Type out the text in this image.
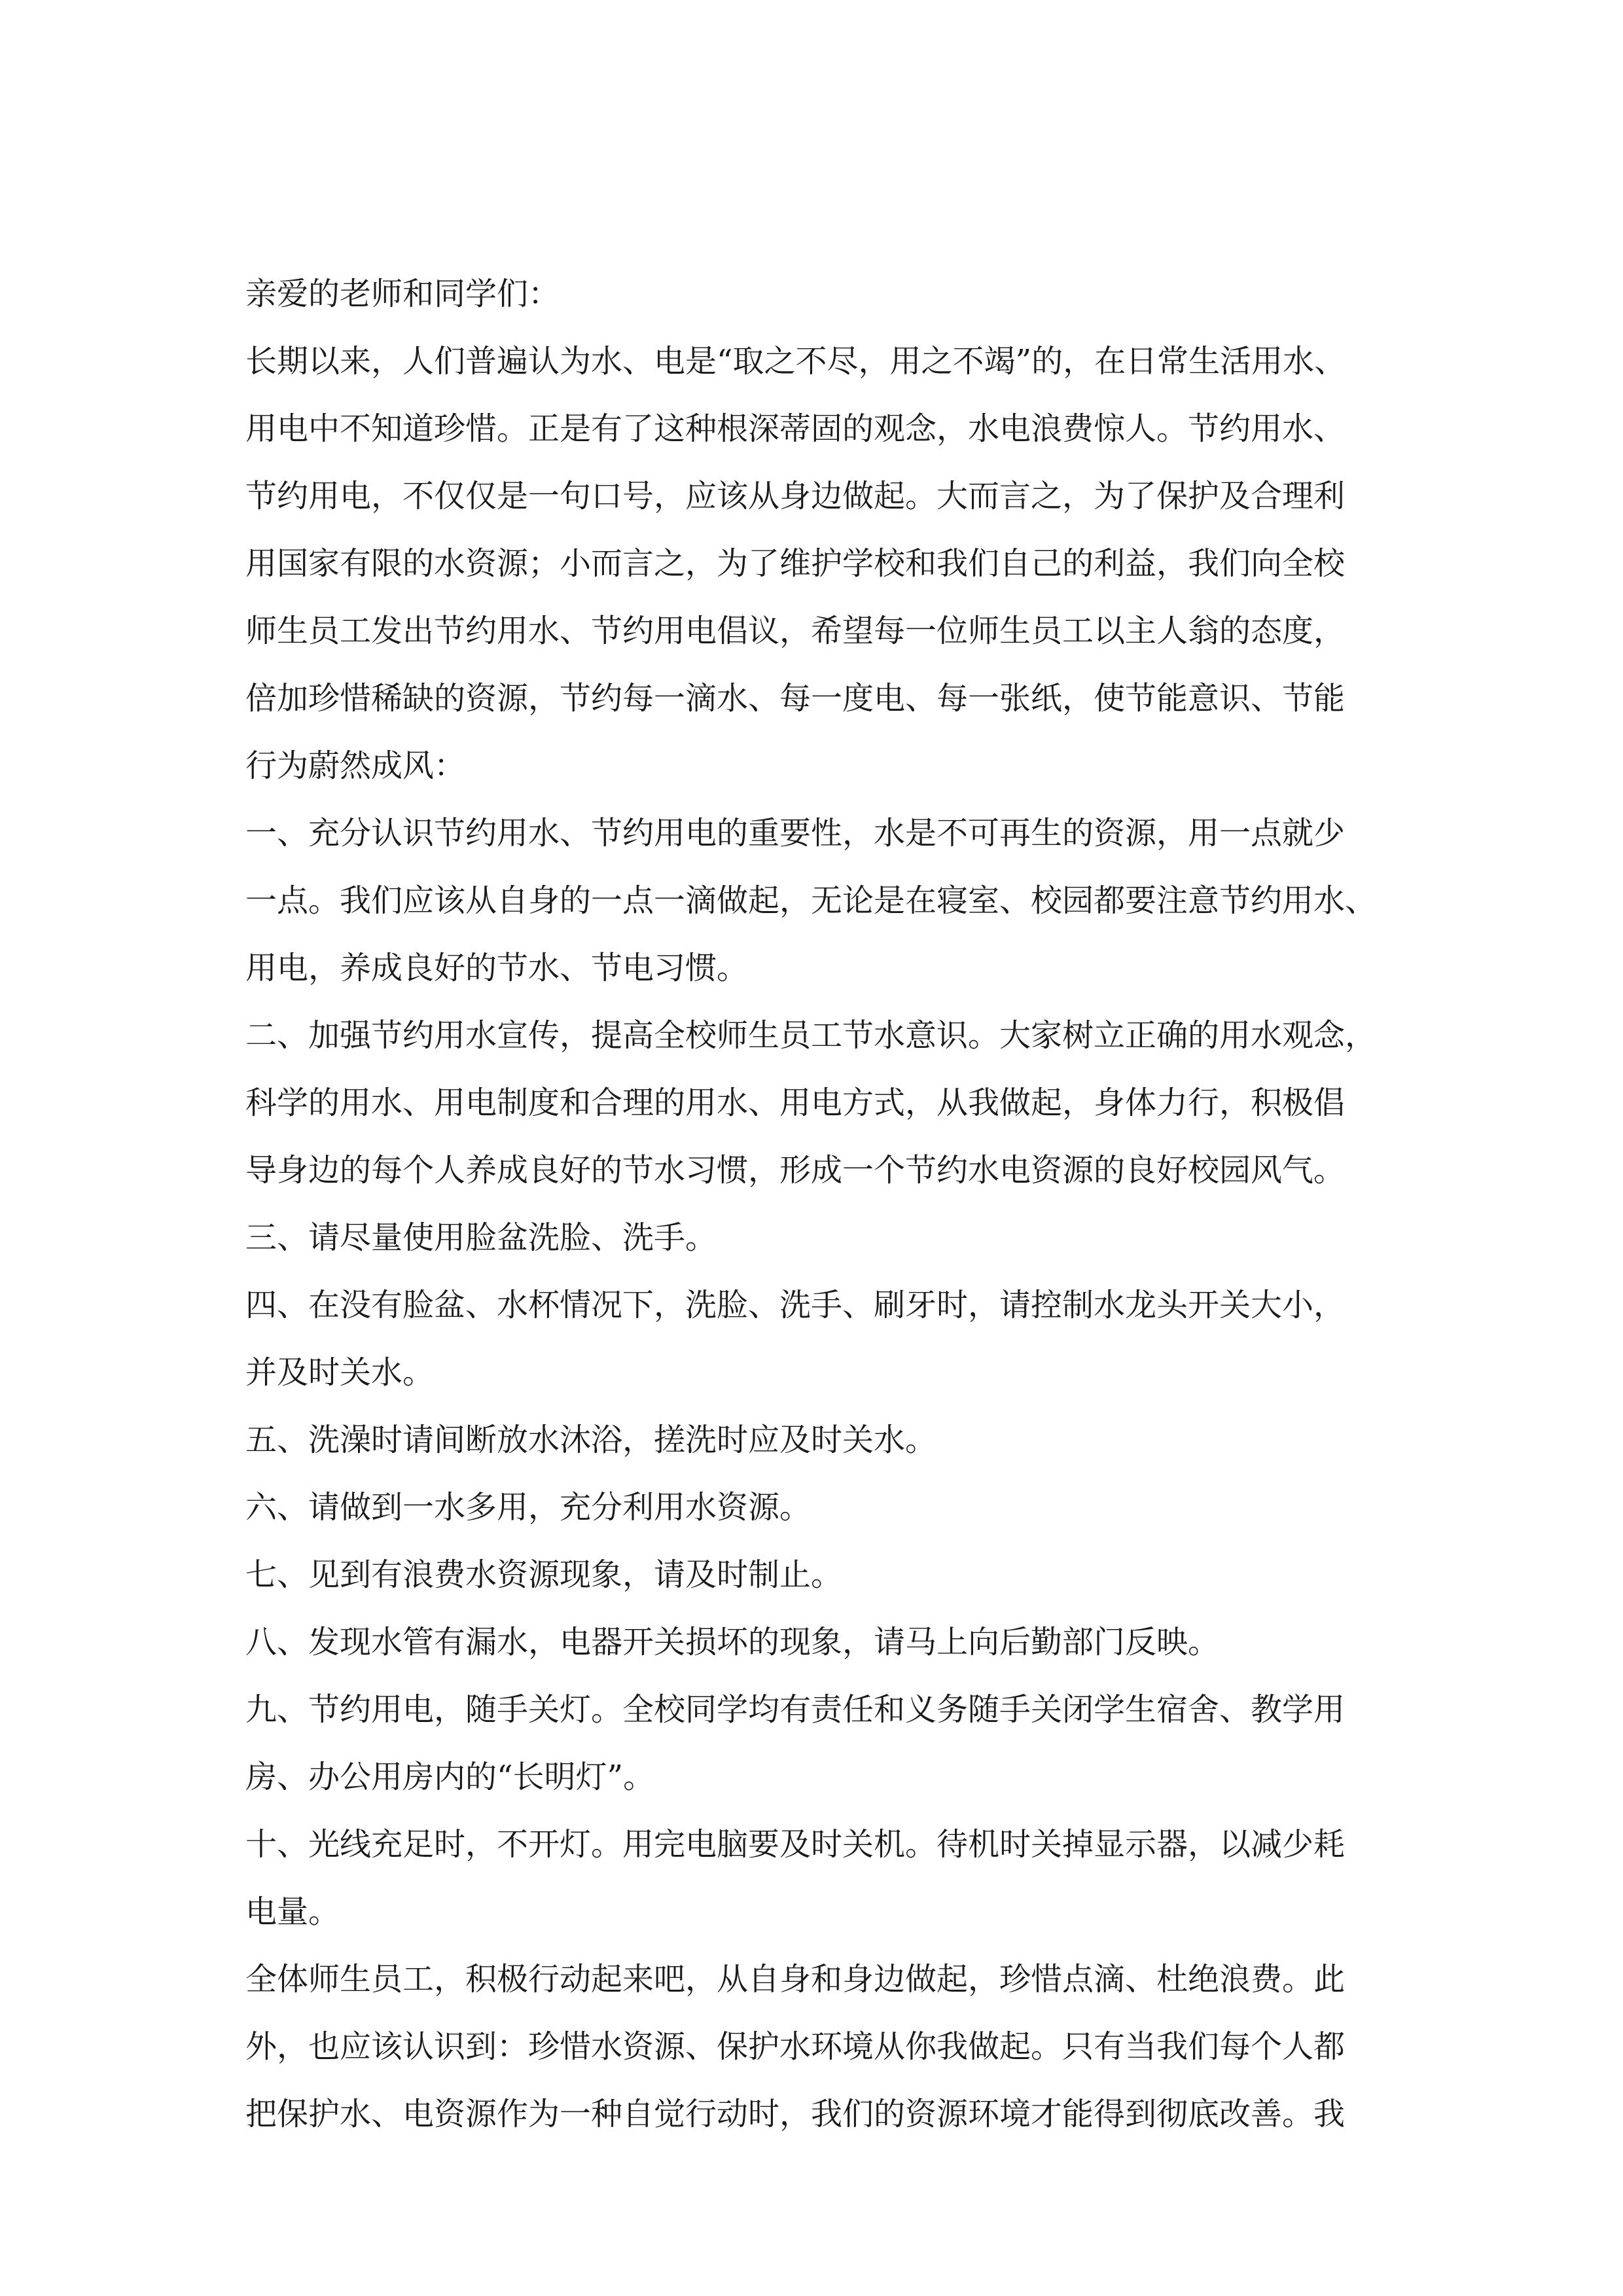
亲爱的老师和同学们：
长期以来，人们普遍认为水、电是“取之不尽，用之不竭”的，在日常生活用水、
用电中不知道珍惜。正是有了这种根深蒂固的观念，水电浪费惊人。节约用水、
节约用电，不仅仅是一句口号，应该从身边做起。大而言之，为了保护及合理利
用国家有限的水资源；小而言之，为了维护学校和我们自己的利益，我们向全校
师生员工发出节约用水、节约用电倡议，希望每一位师生员工以主人翁的态度，
倍加珍惜稀缺的资源，节约每一滴水、每一度电、每一张纸，使节能意识、节能
行为蔚然成风：
一、充分认识节约用水、节约用电的重要性，水是不可再生的资源，用一点就少
一点。我们应该从自身的一点一滴做起，无论是在寝室、校园都要注意节约用水、
用电，养成良好的节水、节电习惯。
二、加强节约用水宣传，提高全校师生员工节水意识。大家树立正确的用水观念，
科学的用水、用电制度和合理的用水、用电方式，从我做起，身体力行，积极倡
导身边的每个人养成良好的节水习惯，形成一个节约水电资源的良好校园风气。
三、请尽量使用脸盆洗脸、洗手。
四、在没有脸盆、水杯情况下，洗脸、洗手、刷牙时，请控制水龙头开关大小，
并及时关水。
五、洗澡时请间断放水沐浴，搓洗时应及时关水。
六、请做到一水多用，充分利用水资源。
七、见到有浪费水资源现象，请及时制止。
八、发现水管有漏水，电器开关损坏的现象，请马上向后勤部门反映。
九、节约用电，随手关灯。全校同学均有责任和义务随手关闭学生宿舍、教学用
房、办公用房内的“长明灯”。
十、光线充足时，不开灯。用完电脑要及时关机。待机时关掉显示器，以减少耗
电量。
全体师生员工，积极行动起来吧，从自身和身边做起，珍惜点滴、杜绝浪费。此
外，也应该认识到：珍惜水资源、保护水环境从你我做起。只有当我们每个人都
把保护水、电资源作为一种自觉行动时，我们的资源环境才能得到彻底改善。我
